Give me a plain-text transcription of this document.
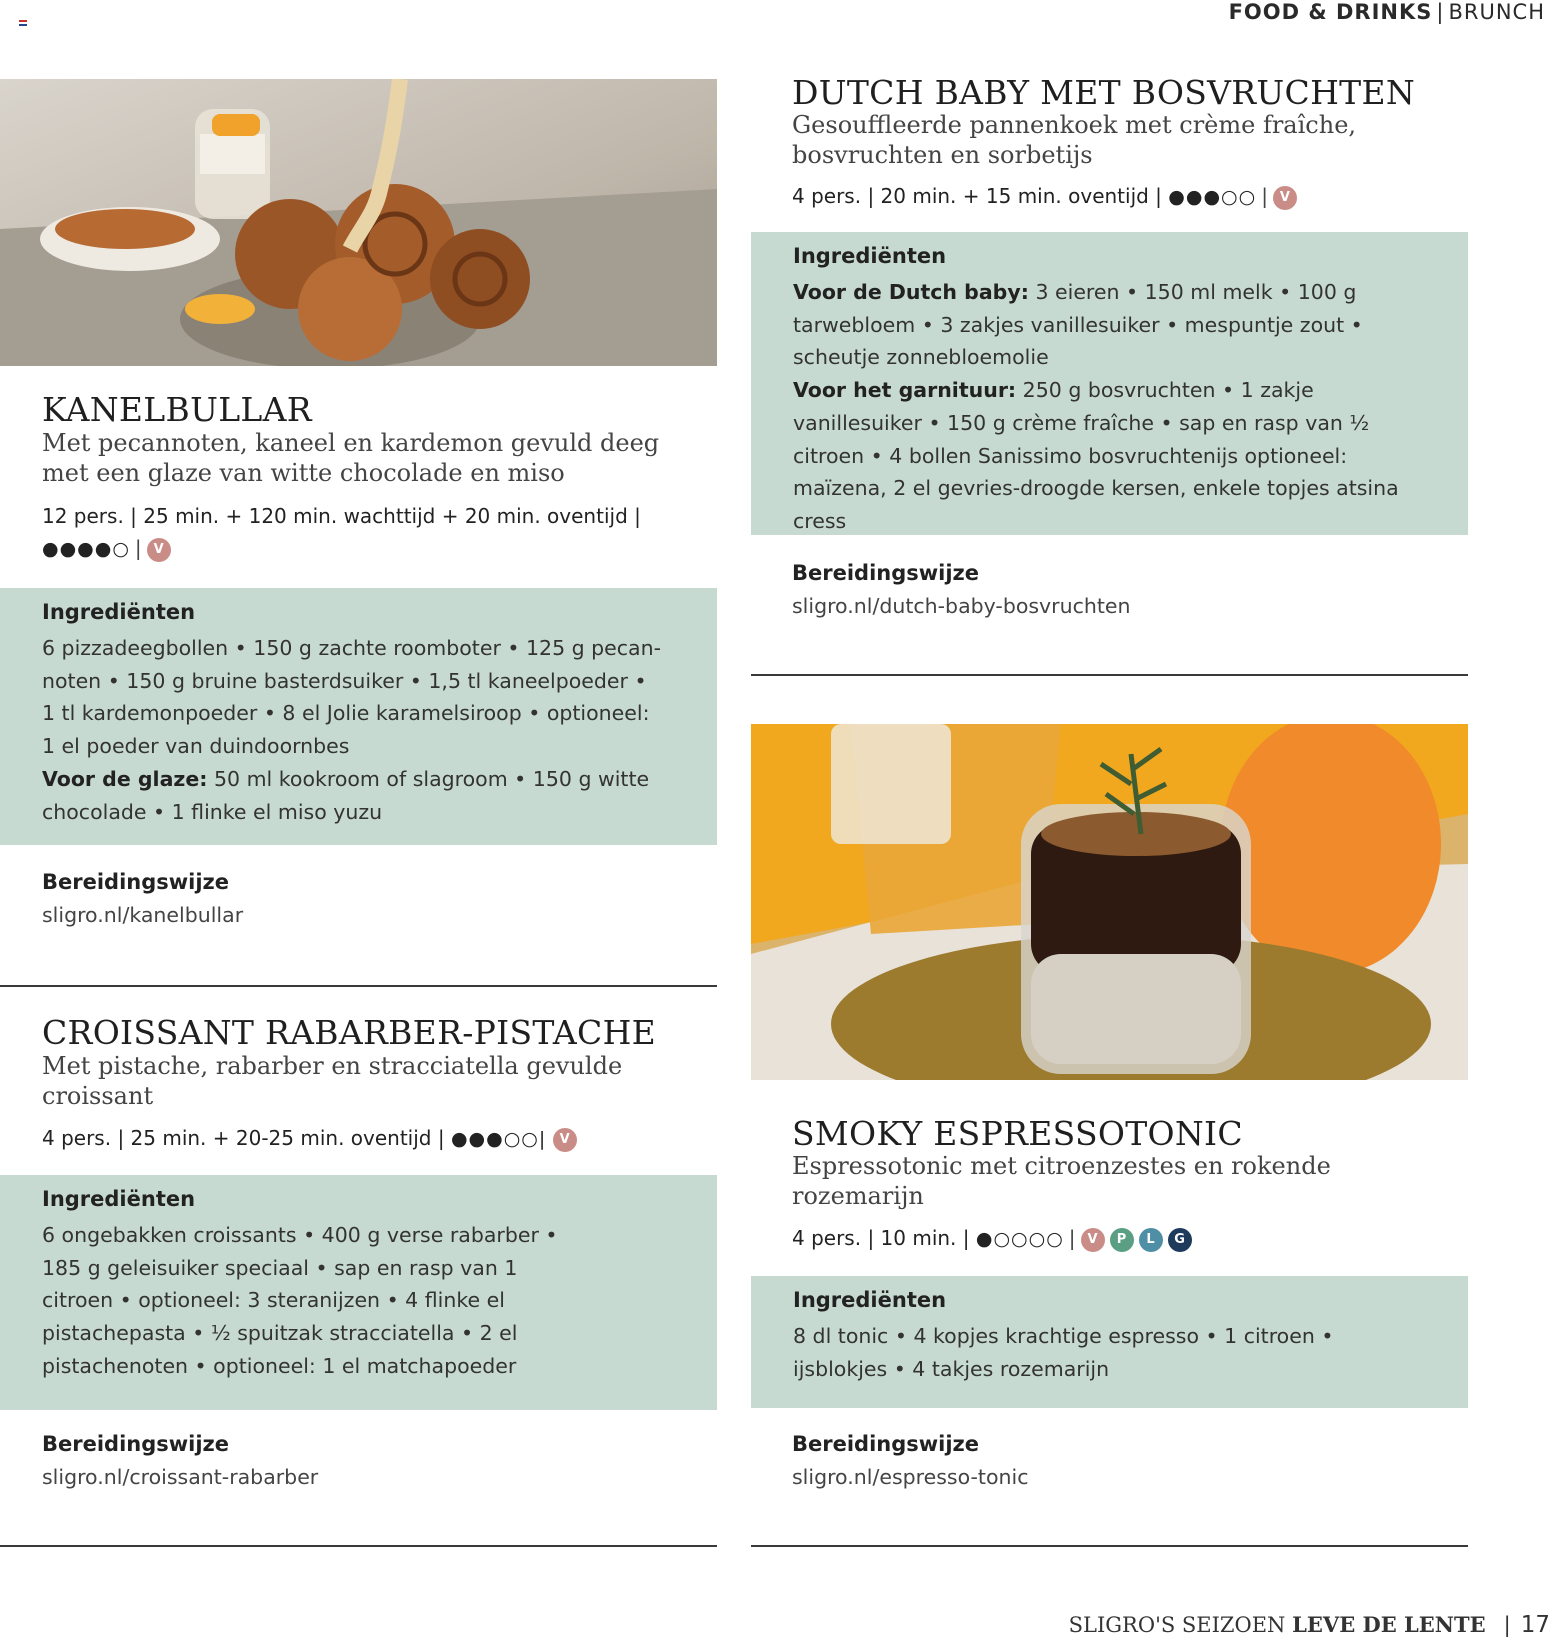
FOOD & DRINKS | BRUNCH
KANELBULLAR
Met pecannoten, kaneel en kardemon gevuld deeg met een glaze van witte chocolade en miso
12 pers. | 25 min. + 120 min. wachttijd + 20 min. oventijd |
●●●●○ | V
Ingrediënten
6 pizzadeegbollen • 150 g zachte roomboter • 125 g pecan-noten • 150 g bruine basterdsuiker • 1,5 tl kaneelpoeder • 1 tl kardemonpoeder • 8 el Jolie karamelsiroop • optioneel: 1 el poeder van duindoornbes
Voor de glaze: 50 ml kookroom of slagroom • 150 g witte chocolade • 1 flinke el miso yuzu
Bereidingswijze
sligro.nl/kanelbullar
CROISSANT RABARBER-PISTACHE
Met pistache, rabarber en stracciatella gevulde croissant
4 pers. | 25 min. + 20-25 min. oventijd | ●●●○○| V
Ingrediënten
6 ongebakken croissants • 400 g verse rabarber • 185 g geleisuiker speciaal • sap en rasp van 1 citroen • optioneel: 3 steranijzen • 4 flinke el pistachepasta • ½ spuitzak stracciatella • 2 el pistachenoten • optioneel: 1 el matchapoeder
Bereidingswijze
sligro.nl/croissant-rabarber
DUTCH BABY MET BOSVRUCHTEN
Gesouffleerde pannenkoek met crème fraîche, bosvruchten en sorbetijs
4 pers. | 20 min. + 15 min. oventijd | ●●●○○ | V
Ingrediënten
Voor de Dutch baby: 3 eieren • 150 ml melk • 100 g tarwebloem • 3 zakjes vanillesuiker • mespuntje zout • scheutje zonnebloemolie
Voor het garnituur: 250 g bosvruchten • 1 zakje vanillesuiker • 150 g crème fraîche • sap en rasp van ½ citroen • 4 bollen Sanissimo bosvruchtenijs optioneel: maïzena, 2 el gevries-droogde kersen, enkele topjes atsina cress
Bereidingswijze
sligro.nl/dutch-baby-bosvruchten
SMOKY ESPRESSOTONIC
Espressotonic met citroenzestes en rokende rozemarijn
4 pers. | 10 min. | ●○○○○ | V P L G
Ingrediënten
8 dl tonic • 4 kopjes krachtige espresso • 1 citroen • ijsblokjes • 4 takjes rozemarijn
Bereidingswijze
sligro.nl/espresso-tonic
SLIGRO'S SEIZOEN LEVE DE LENTE | 17
